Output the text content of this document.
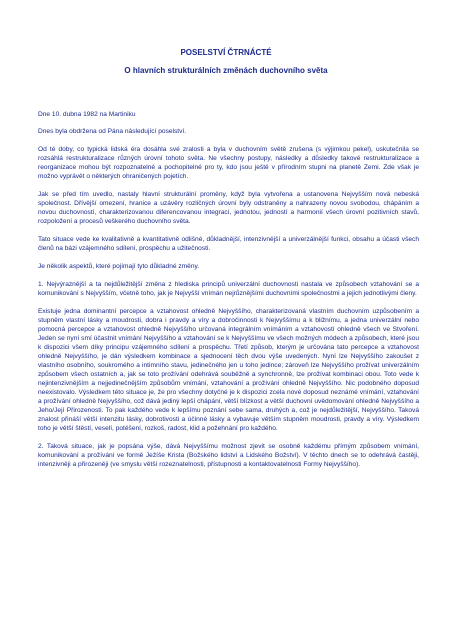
POSELSTVÍ ČTRNÁCTÉ
O hlavních strukturálních změnách duchovního světa

Dne 10. dubna 1982 na Martiniku

Dnes byla obdržena od Pána následující poselství.

Od té doby, co typická lidská éra dosáhla své zralosti a byla v duchovním světě zrušena (s výjimkou pekel), uskutečnila se rozsáhlá restrukturalizace různých úrovní tohoto světa. Ne všechny postupy, následky a důsledky takové restrukturalizace a reorganizace mohou být rozpoznatelné a pochopitelné pro ty, kdo jsou ještě v přírodním stupni na planetě Zemi. Zde však je možno vyprávět o některých ohraničených pojetích.

Jak se před tím uvedlo, nastaly hlavní strukturální proměny, když byla vytvořena a ustanovena Nejvyšším nová nebeská společnost. Dřívější omezení, hranice a uzávěry rozličných úrovní byly odstraněny a nahrazeny novou svobodou, chápáním a novou duchovností, charakterizovanou diferencovanou integrací, jednotou, jedností a harmonií všech úrovní pozitivních stavů, rozpoložení a procesů veškerého duchovního světa.

Tato situace vede ke kvalitativně a kvantitativně odlišné, důkladnější, intenzivnější a univerzálnější funkci, obsahu a účasti všech členů na bázi vzájemného sdílení, prospěchu a užitečnosti.

Je několik aspektů, které pojímají tyto důkladné změny.

1. Nejvýraznější a ta nejdůležitější změna z hlediska principů univerzální duchovnosti nastala ve způsobech vztahování se a komunikování s Nejvyšším, včetně toho, jak je Nejvyšší vnímán nejrůznějšími duchovními společnostmi a jejich jednotlivými členy.

Existuje jedna dominantní percepce a vztahovost ohledně Nejvyššího, charakterizovaná vlastním duchovním uzpůsobením a stupněm vlastní lásky a moudrosti, dobra i pravdy a víry a dobročinnosti k Nejvyššímu a k bližnímu, a jedna univerzální nebo pomocná percepce a vztahovost ohledně Nejvyššího určovaná integrálním vnímáním a vztahovostí ohledně všech ve Stvoření. Jeden se nyní smí účastnit vnímání Nejvyššího a vztahování se k Nejvyššímu ve všech možných módech a způsobech, které jsou k dispozici všem díky principu vzájemného sdílení a prospěchu. Třetí způsob, kterým je určována tato percepce a vztahovost ohledně Nejvyššího, je dán výsledkem kombinace a sjednocení těch dvou výše uvedených. Nyní lze Nejvyššího zakoušet z vlastního osobního, soukromého a intimního stavu, jedinečného jen u toho jedince; zároveň lze Nejvyššího prožívat univerzálním způsobem všech ostatních a, jak se toto prožívání odehrává souběžně a synchronně, lze prožívat kombinaci obou. Toto vede k nejintenzivnějším a nejjedinečnějším způsobům vnímání, vztahování a prožívání ohledně Nejvyššího. Nic podobného doposud neexistovalo. Výsledkem této situace je, že pro všechny dotyčné je k dispozici zcela nové doposud neznámé vnímání, vztahování a prožívání ohledně Nejvyššího, což dává jediný lepší chápání, větší blízkost a větší duchovní uvědomování ohledně Nejvyššího a Jeho/Její Přirozenosti. To pak každého vede k lepšímu poznání sebe sama, druhých a, což je nejdůležitější, Nejvyššího. Taková znalost přináší větší intenzitu lásky, dobrotivosti a účinné lásky a vybavuje větším stupněm moudrosti, pravdy a víry. Výsledkem toho je větší štěstí, veselí, potěšení, rozkoš, radost, klid a požehnání pro každého.

2. Taková situace, jak je popsána výše, dává Nejvyššímu možnost zjevit se osobně každému přímým způsobem vnímání, komunikování a prožívání ve formě Ježíše Krista (Božského lidství a Lidského Božství). V těchto dnech se to odehrává častěji, intenzivněji a přirozeněji (ve smyslu větší rozeznatelnosti, přístupnosti a kontaktovatelnosti Formy Nejvyššího).
